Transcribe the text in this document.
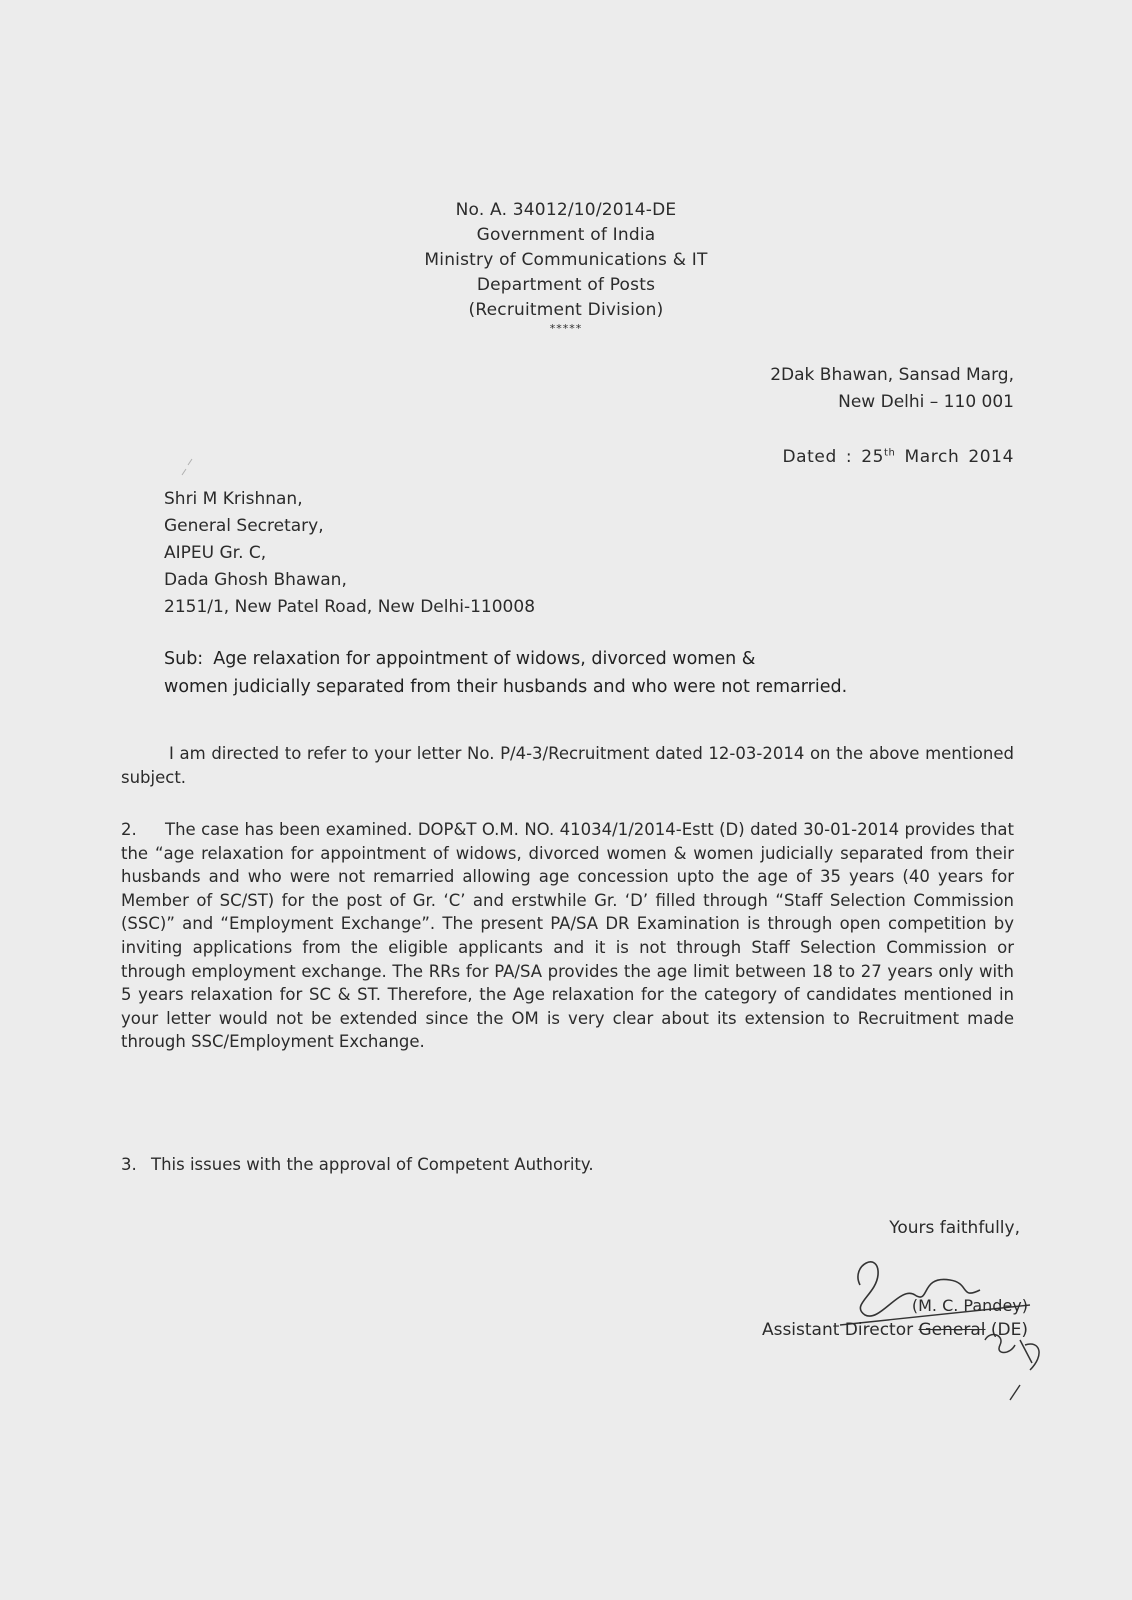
No. A. 34012/10/2014-DE
Government of India
Ministry of Communications & IT
Department of Posts
(Recruitment Division)
*****
2Dak Bhawan, Sansad Marg,
New Delhi – 110 001
Dated : 25th March 2014
Shri M Krishnan,
General Secretary,
AIPEU Gr. C,
Dada Ghosh Bhawan,
2151/1, New Patel Road, New Delhi-110008
Sub: Age relaxation for appointment of widows, divorced women &
women judicially separated from their husbands and who were not remarried.
I am directed to refer to your letter No. P/4-3/Recruitment dated 12-03-2014 on the above mentioned subject.
2. The case has been examined. DOP&T O.M. NO. 41034/1/2014-Estt (D) dated 30-01-2014 provides that the “age relaxation for appointment of widows, divorced women & women judicially separated from their husbands and who were not remarried allowing age concession upto the age of 35 years (40 years for Member of SC/ST) for the post of Gr. ‘C’ and erstwhile Gr. ‘D’ filled through “Staff Selection Commission (SSC)” and “Employment Exchange”. The present PA/SA DR Examination is through open competition by inviting applications from the eligible applicants and it is not through Staff Selection Commission or through employment exchange. The RRs for PA/SA provides the age limit between 18 to 27 years only with 5 years relaxation for SC & ST. Therefore, the Age relaxation for the category of candidates mentioned in your letter would not be extended since the OM is very clear about its extension to Recruitment made through SSC/Employment Exchange.
3. This issues with the approval of Competent Authority.
Yours faithfully,
(M. C. Pandey)
Assistant Director General (DE)
